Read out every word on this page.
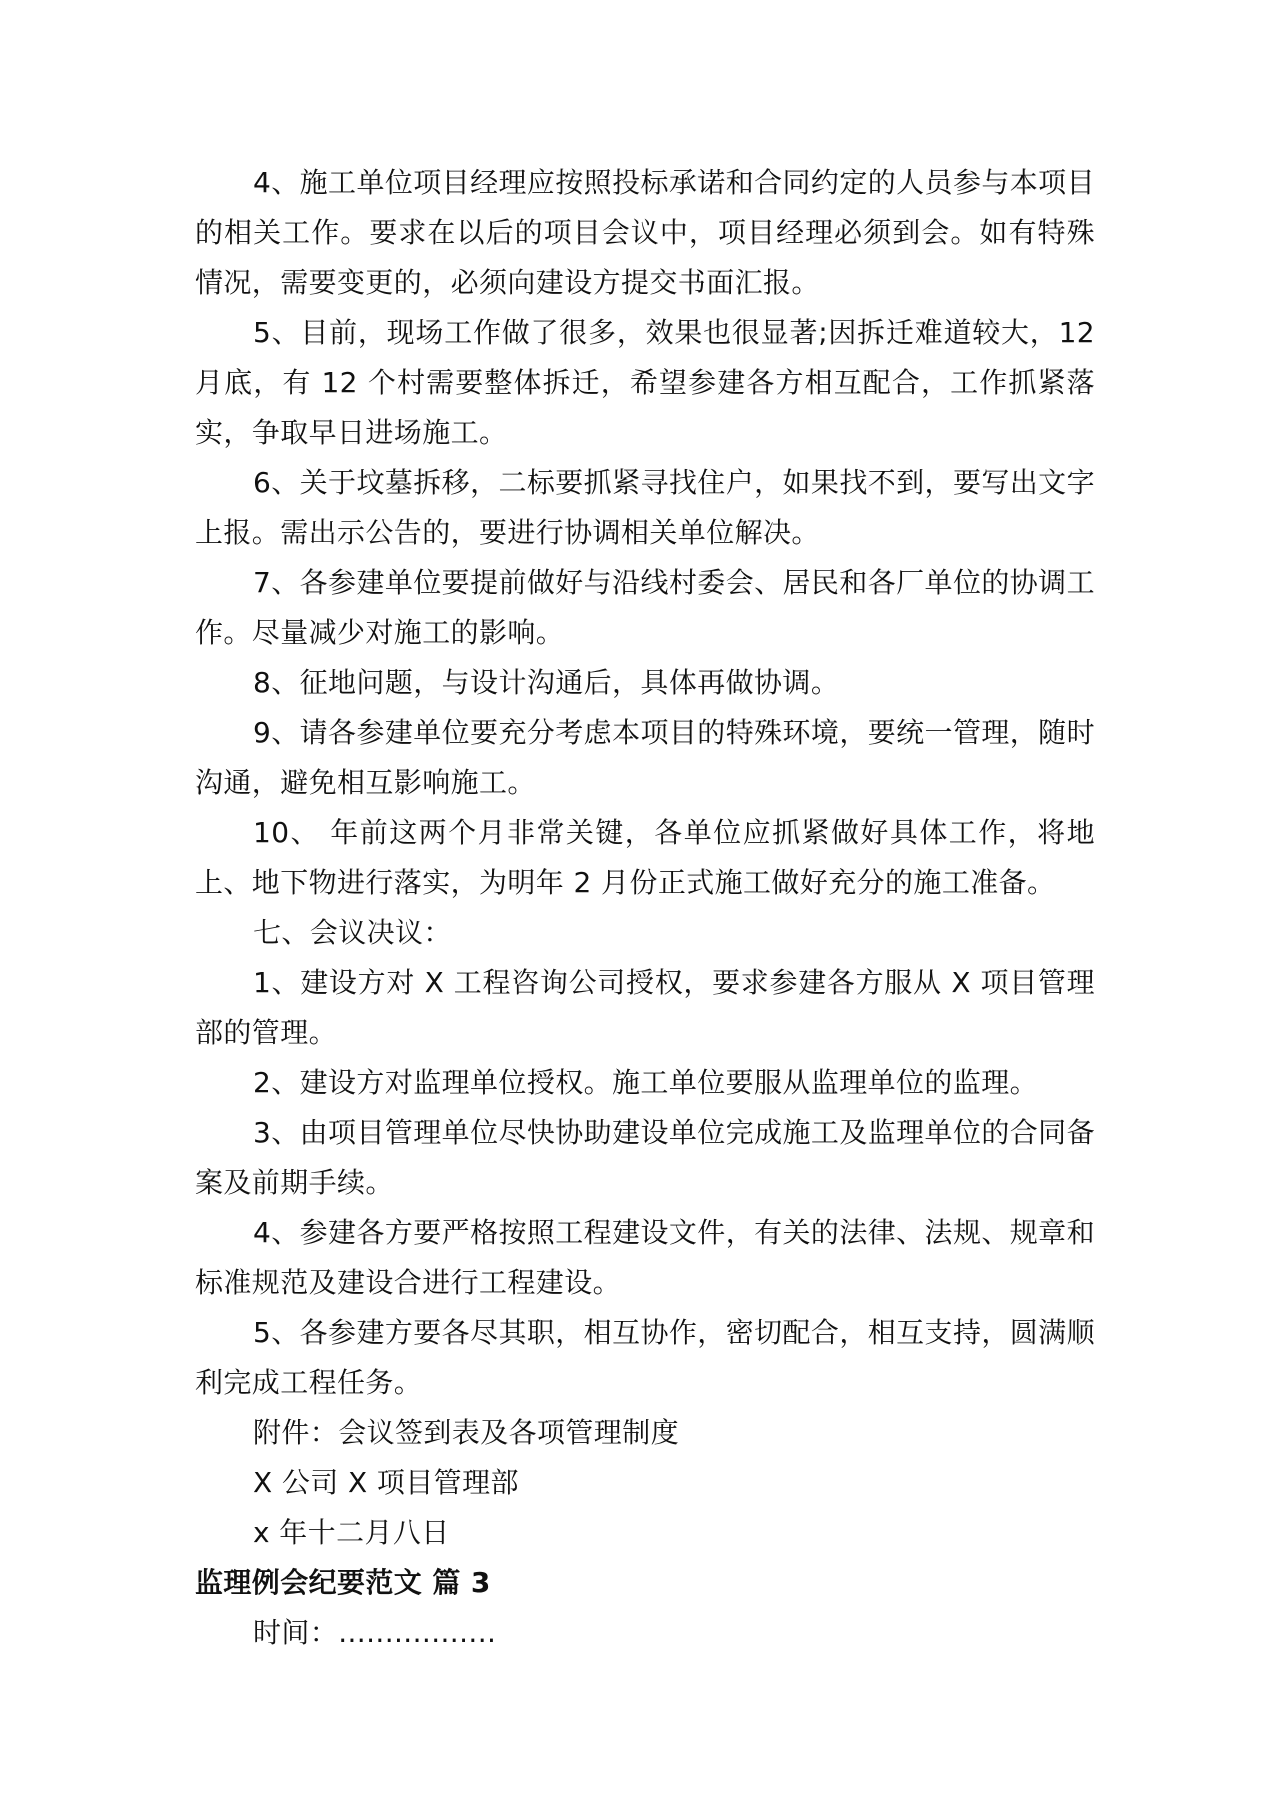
4、施工单位项目经理应按照投标承诺和合同约定的人员参与本项目的相关工作。要求在以后的项目会议中，项目经理必须到会。如有特殊情况，需要变更的，必须向建设方提交书面汇报。

5、目前，现场工作做了很多，效果也很显著;因拆迁难道较大，12 月底，有 12 个村需要整体拆迁，希望参建各方相互配合，工作抓紧落实，争取早日进场施工。

6、关于坟墓拆移，二标要抓紧寻找住户，如果找不到，要写出文字上报。需出示公告的，要进行协调相关单位解决。

7、各参建单位要提前做好与沿线村委会、居民和各厂单位的协调工作。尽量减少对施工的影响。

8、征地问题，与设计沟通后，具体再做协调。

9、请各参建单位要充分考虑本项目的特殊环境，要统一管理，随时沟通，避免相互影响施工。

10、 年前这两个月非常关键，各单位应抓紧做好具体工作，将地上、地下物进行落实，为明年 2 月份正式施工做好充分的施工准备。

七、会议决议：

1、建设方对 X 工程咨询公司授权，要求参建各方服从 X 项目管理部的管理。

2、建设方对监理单位授权。施工单位要服从监理单位的监理。

3、由项目管理单位尽快协助建设单位完成施工及监理单位的合同备案及前期手续。

4、参建各方要严格按照工程建设文件，有关的法律、法规、规章和标准规范及建设合进行工程建设。

5、各参建方要各尽其职，相互协作，密切配合，相互支持，圆满顺利完成工程任务。

附件：会议签到表及各项管理制度

X 公司 X 项目管理部

x 年十二月八日

监理例会纪要范文 篇 3

时间：.................
